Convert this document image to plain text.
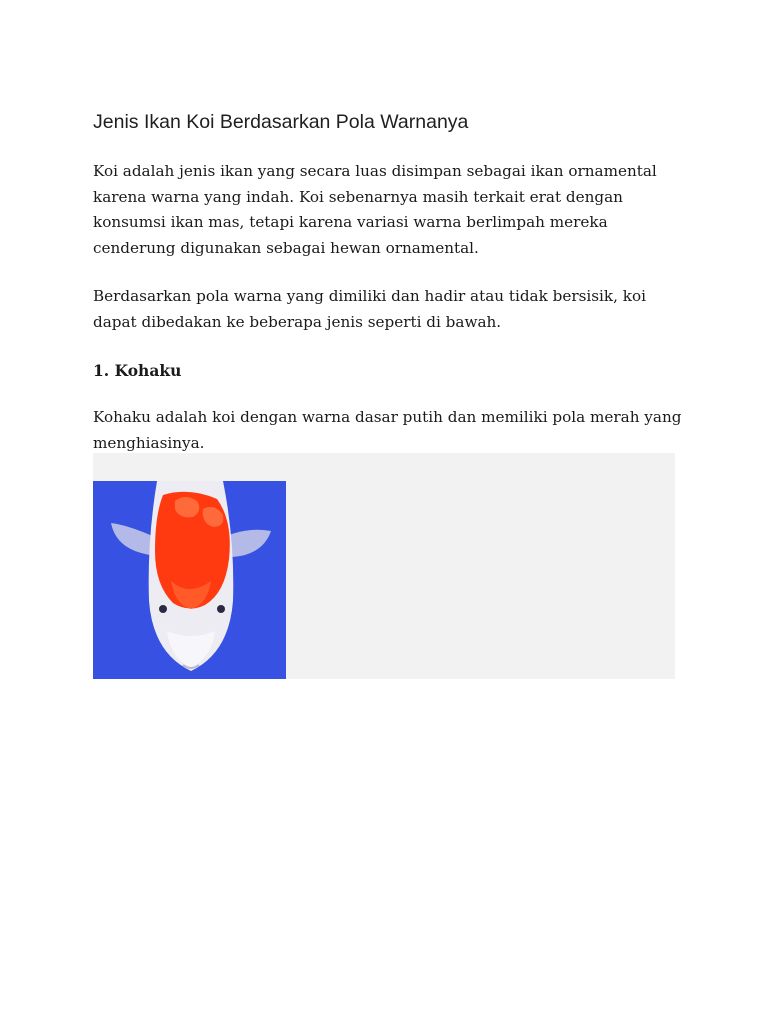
Jenis Ikan Koi Berdasarkan Pola Warnanya

Koi adalah jenis ikan yang secara luas disimpan sebagai ikan ornamental karena warna yang indah. Koi sebenarnya masih terkait erat dengan konsumsi ikan mas, tetapi karena variasi warna berlimpah mereka cenderung digunakan sebagai hewan ornamental.

Berdasarkan pola warna yang dimiliki dan hadir atau tidak bersisik, koi dapat dibedakan ke beberapa jenis seperti di bawah.

1. Kohaku

Kohaku adalah koi dengan warna dasar putih dan memiliki pola merah yang menghiasinya.
